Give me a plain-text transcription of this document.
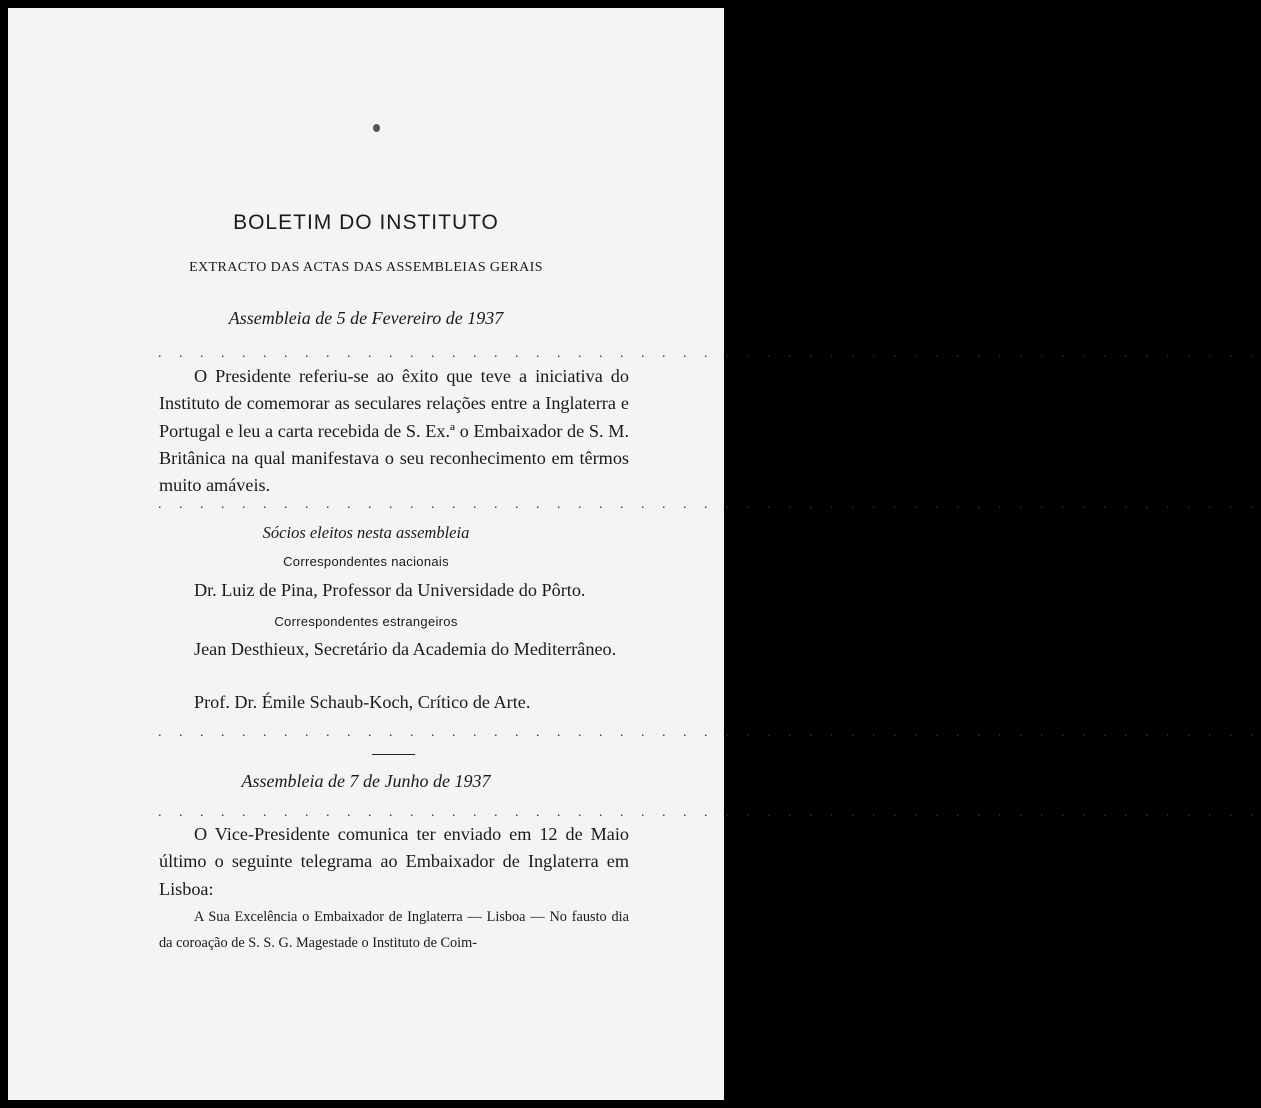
BOLETIM DO INSTITUTO
EXTRACTO DAS ACTAS DAS ASSEMBLEIAS GERAIS
Assembleia de 5 de Fevereiro de 1937
. . . . . . . . . . . . . . . . . . . . . . . . . . . . . . . . . . . . . . . . . . . . . . . . . . . . .
O Presidente referiu-se ao êxito que teve a iniciativa do Instituto de comemorar as seculares relações entre a Inglaterra e Portugal e leu a carta recebida de S. Ex.ª o Embaixador de S. M. Britânica na qual manifestava o seu reconhecimento em têrmos muito amáveis.
. . . . . . . . . . . . . . . . . . . . . . . . . . . . . . . . . . . . . . . . . . . . . . . . . . . . .
Sócios eleitos nesta assembleia
Correspondentes nacionais
Dr. Luiz de Pina, Professor da Universidade do Pôrto.
Correspondentes estrangeiros
Jean Desthieux, Secretário da Academia do Mediterrâneo.
Prof. Dr. Émile Schaub-Koch, Crítico de Arte.
. . . . . . . . . . . . . . . . . . . . . . . . . . . . . . . . . . . . . . . . . . . . . . . . . . . . .
Assembleia de 7 de Junho de 1937
. . . . . . . . . . . . . . . . . . . . . . . . . . . . . . . . . . . . . . . . . . . . . . . . . . . . .
O Vice-Presidente comunica ter enviado em 12 de Maio último o seguinte telegrama ao Embaixador de Inglaterra em Lisboa:
A Sua Excelência o Embaixador de Inglaterra — Lisboa — No fausto dia da coroação de S. S. G. Magestade o Instituto de Coim-
